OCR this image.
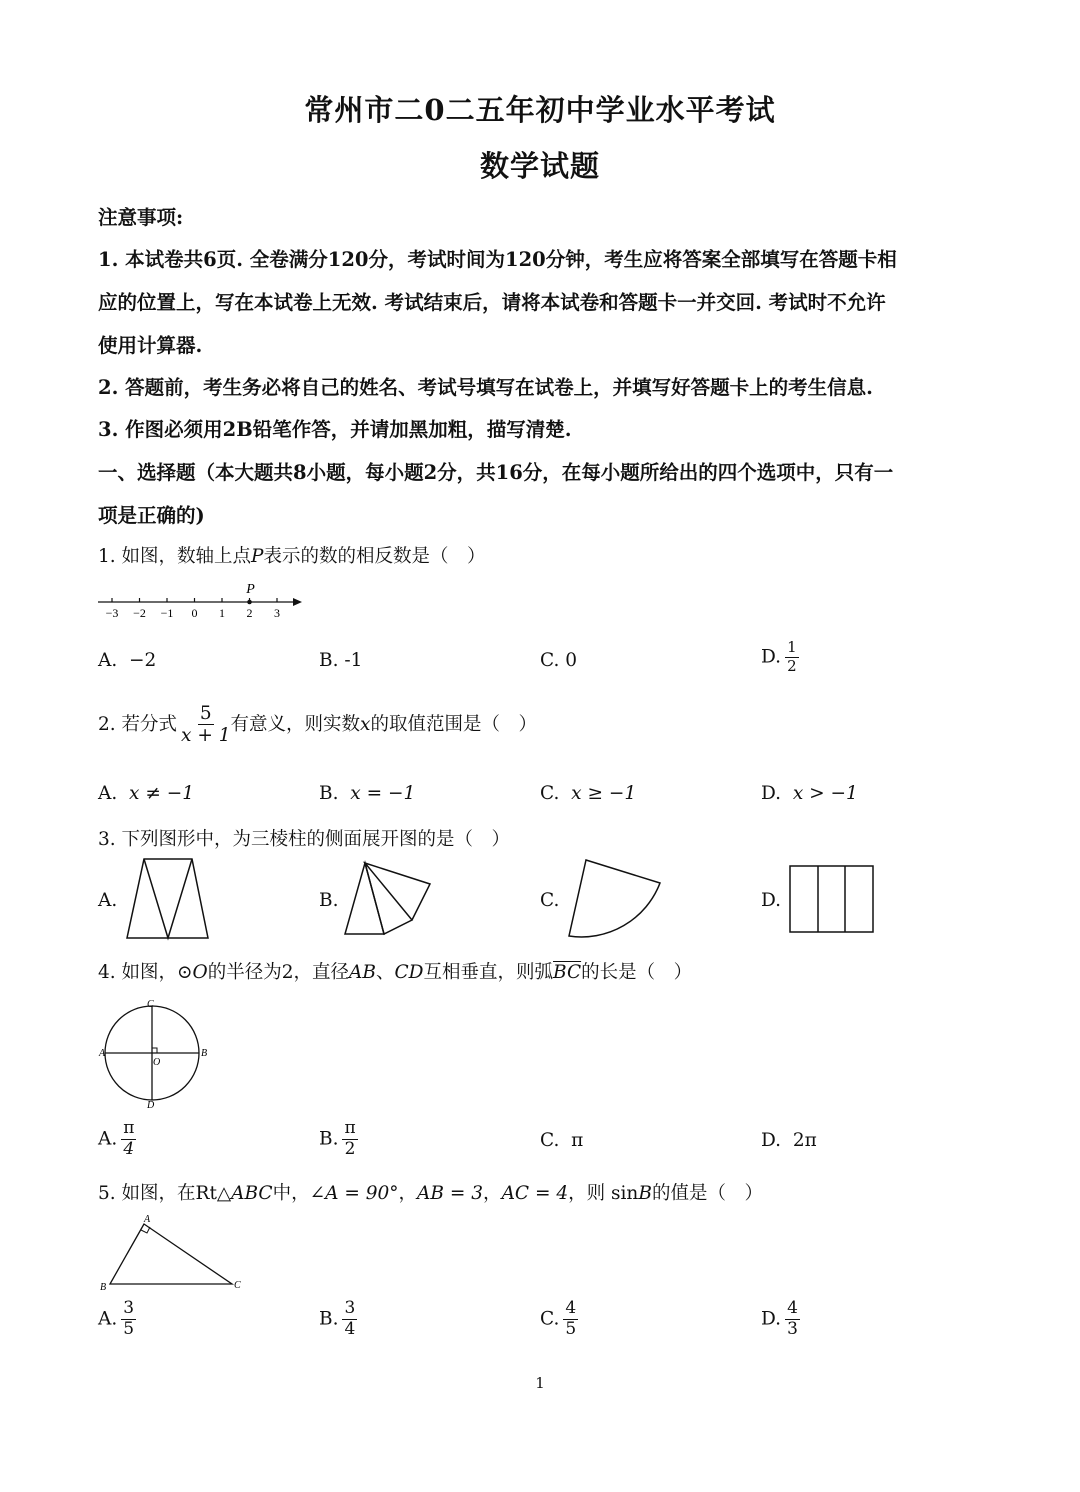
常州市二0二五年初中学业水平考试
数学试题
注意事项:
1. 本试卷共6页. 全卷满分120分，考试时间为120分钟，考生应将答案全部填写在答题卡相
应的位置上，写在本试卷上无效. 考试结束后，请将本试卷和答题卡一并交回. 考试时不允许
使用计算器.
2. 答题前，考生务必将自己的姓名、考试号填写在试卷上，并填写好答题卡上的考生信息.
3. 作图必须用2B铅笔作答，并请加黑加粗，描写清楚.
一、选择题（本大题共8小题，每小题2分，共16分，在每小题所给出的四个选项中，只有一
项是正确的)
1. 如图，数轴上点P表示的数的相反数是（　）
−3 −2 −1 0 1 2 3
P
A. −2	B. -1	C. 0	D. $\frac{1}{2}$
2. 若分式 $\frac{5}{x + 1}$ 有意义，则实数x的取值范围是（　）
A. x ≠ −1	B. x = −1	C. x ≥ −1	D. x > −1
3. 下列图形中，为三棱柱的侧面展开图的是（　）
A.	B.	C.	D.
4. 如图，⊙O的半径为2，直径AB、CD互相垂直，则弧$\overline{BC}$的长是（　）
A	B
C
D
O
A. $\frac{\pi}{4}$	B. $\frac{\pi}{2}$	C. π	D. 2π
5. 如图，在Rt△ABC中，∠A = 90°，AB = 3，AC = 4，则 sinB的值是（　）
A
B	C
A. $\frac{3}{5}$	B. $\frac{3}{4}$	C. $\frac{4}{5}$	D. $\frac{4}{3}$
1
